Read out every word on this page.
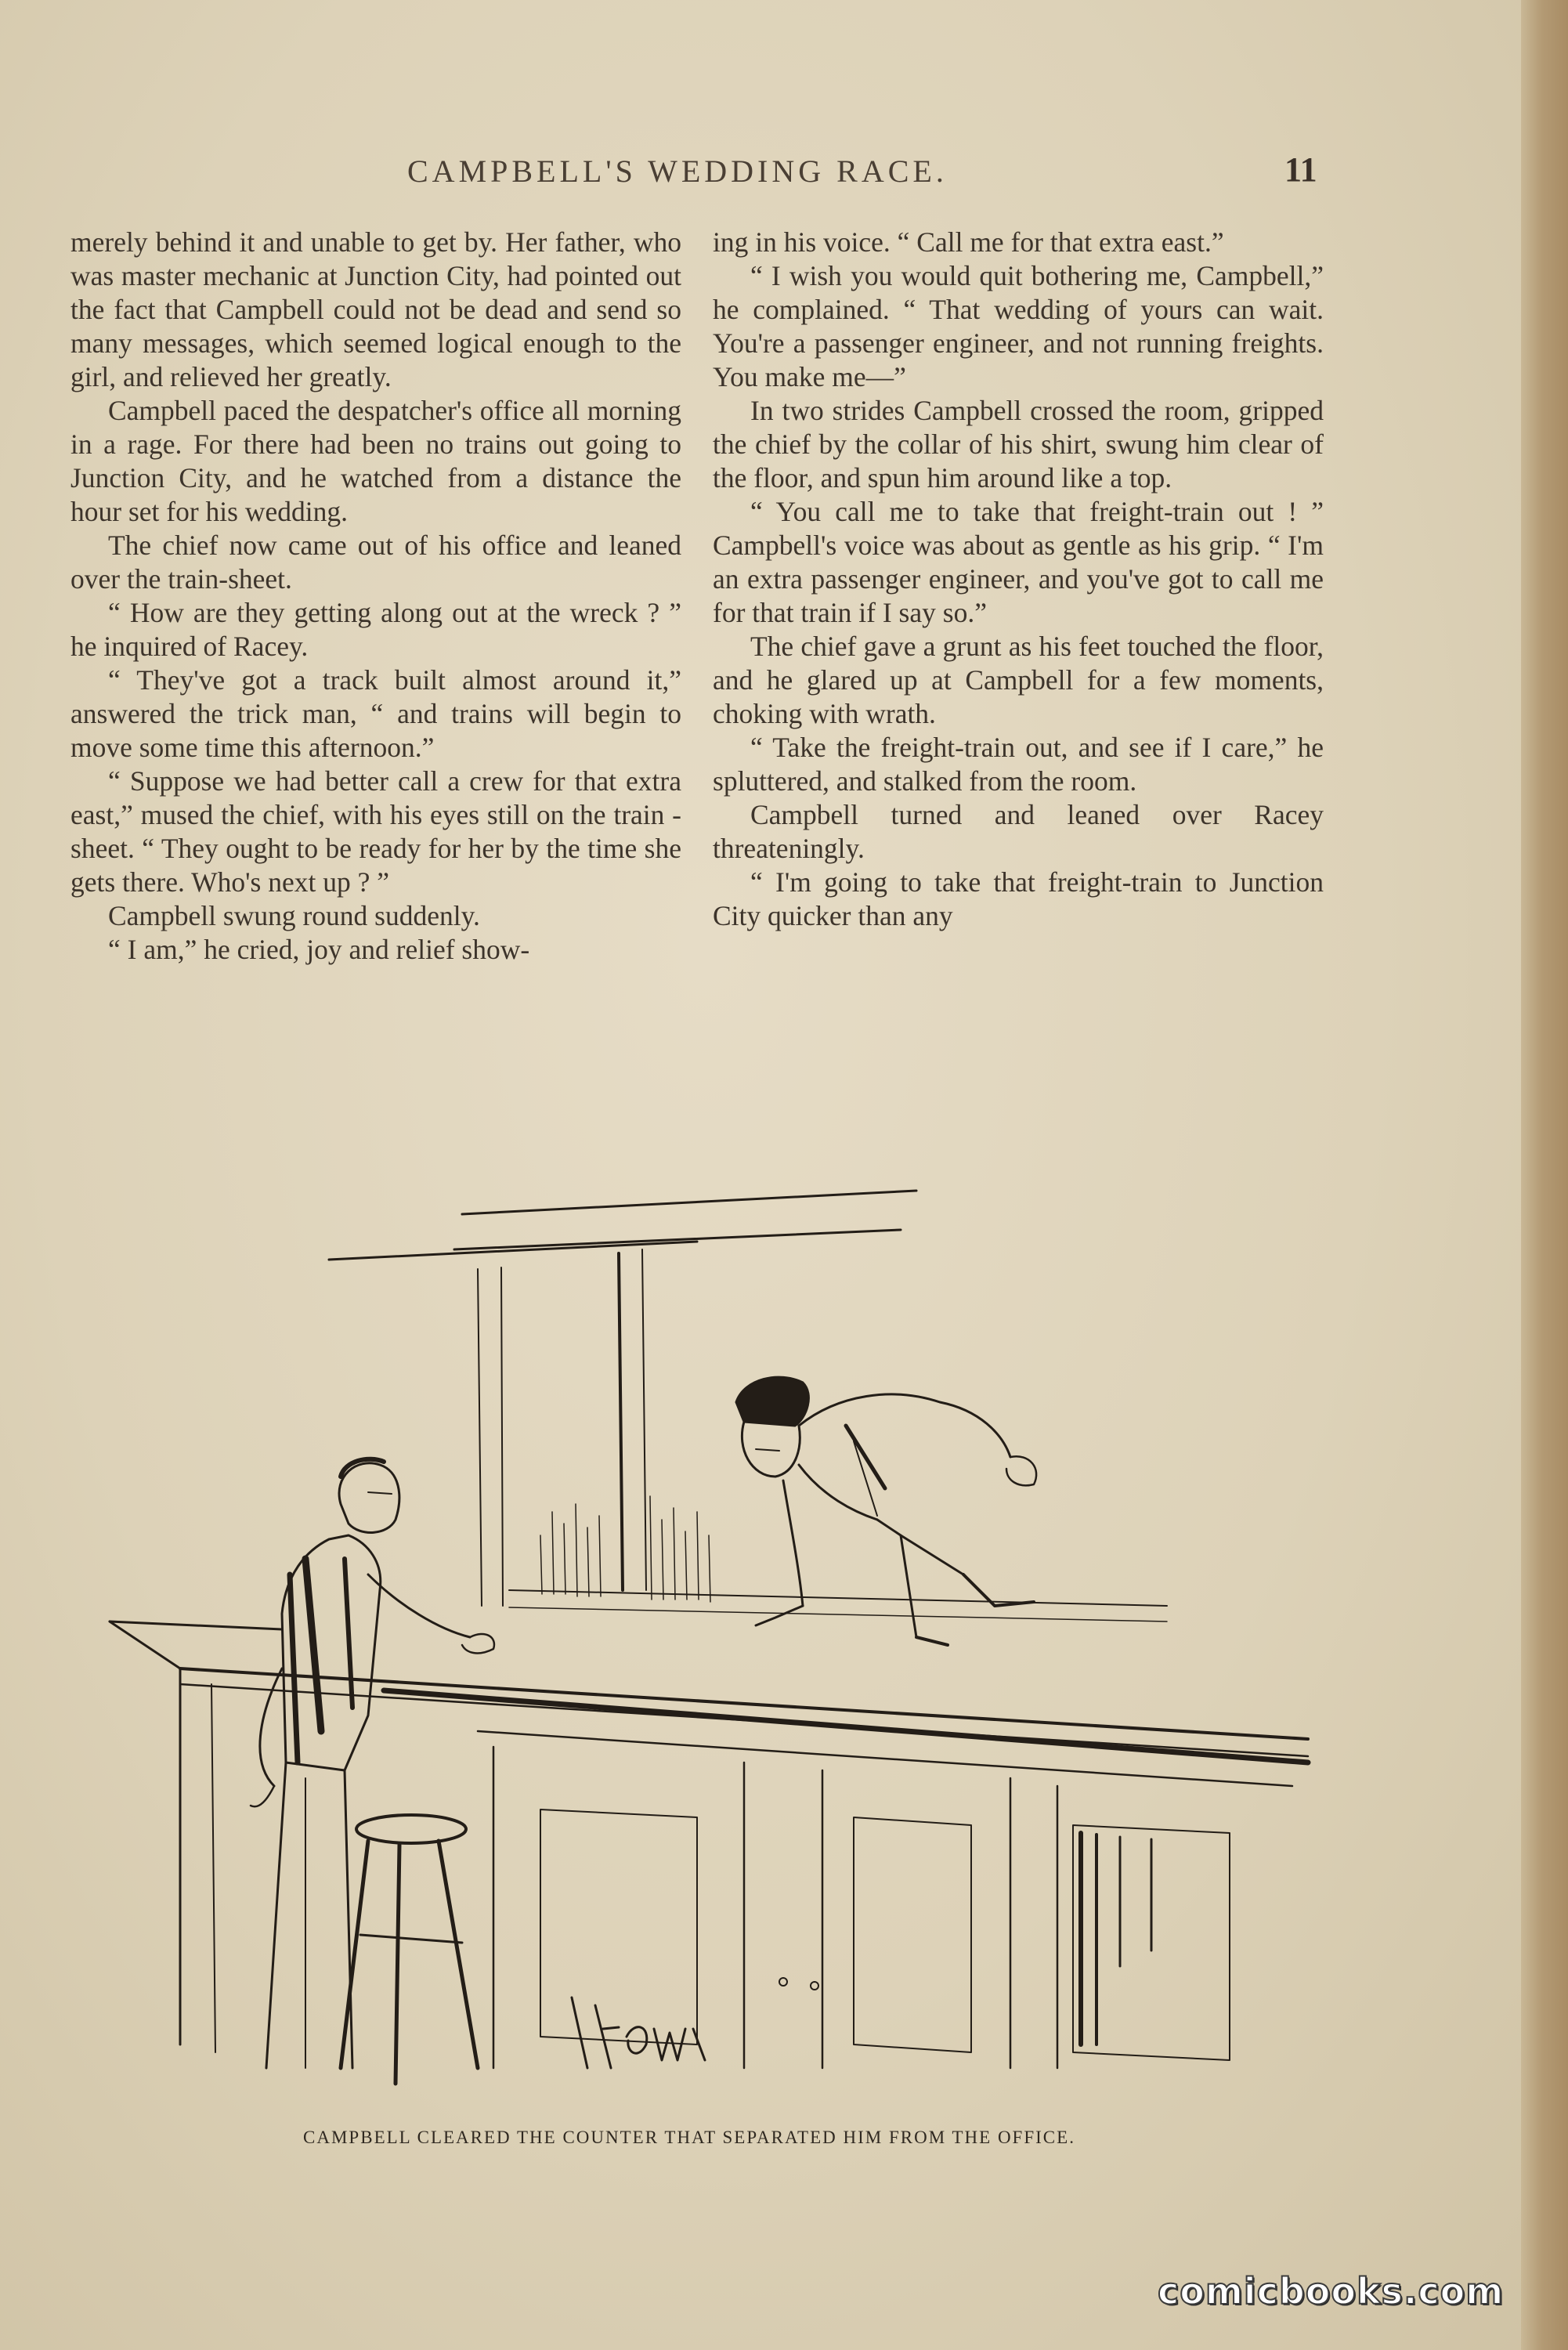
CAMPBELL'S WEDDING RACE.	11

merely behind it and unable to get by. Her father, who was master mechanic at Junction City, had pointed out the fact that Campbell could not be dead and send so many messages, which seemed logical enough to the girl, and relieved her greatly.

Campbell paced the despatcher's office all morning in a rage. For there had been no trains out going to Junction City, and he watched from a distance the hour set for his wedding.

The chief now came out of his office and leaned over the train-sheet.

“ How are they getting along out at the wreck ? ” he inquired of Racey.

“ They've got a track built almost around it,” answered the trick man, “ and trains will begin to move some time this afternoon.”

“ Suppose we had better call a crew for that extra east,” mused the chief, with his eyes still on the train - sheet. “ They ought to be ready for her by the time she gets there. Who's next up ? ”

Campbell swung round suddenly.

“ I am,” he cried, joy and relief show-

ing in his voice. “ Call me for that extra east.”

“ I wish you would quit bothering me, Campbell,” he complained. “ That wedding of yours can wait. You're a passenger engineer, and not running freights. You make me—”

In two strides Campbell crossed the room, gripped the chief by the collar of his shirt, swung him clear of the floor, and spun him around like a top.

“ You call me to take that freight-train out ! ” Campbell's voice was about as gentle as his grip. “ I'm an extra passenger engineer, and you've got to call me for that train if I say so.”

The chief gave a grunt as his feet touched the floor, and he glared up at Campbell for a few moments, choking with wrath.

“ Take the freight-train out, and see if I care,” he spluttered, and stalked from the room.

Campbell turned and leaned over Racey threateningly.

“ I'm going to take that freight-train to Junction City quicker than any

CAMPBELL CLEARED THE COUNTER THAT SEPARATED HIM FROM THE OFFICE.
comicbooks.com
